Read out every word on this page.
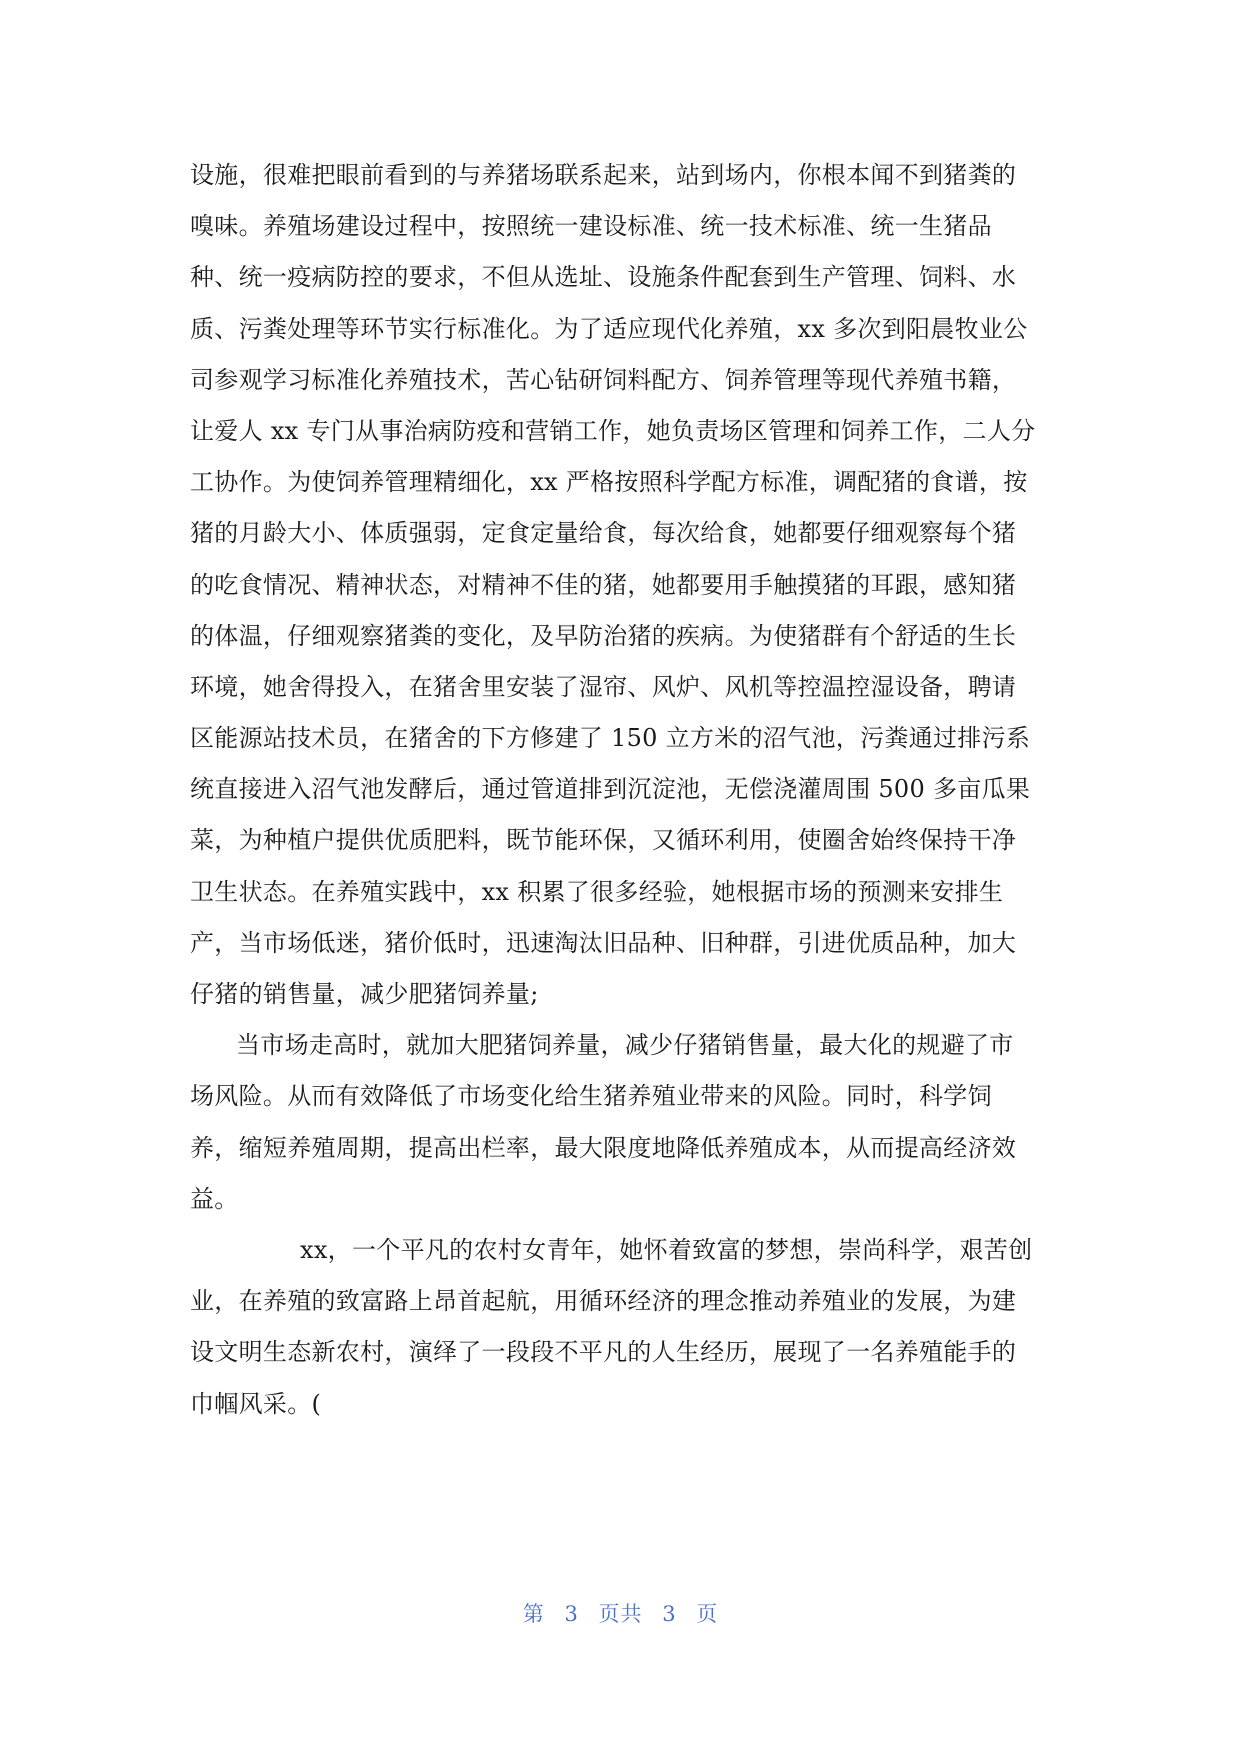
设施，很难把眼前看到的与养猪场联系起来，站到场内，你根本闻不到猪粪的
嗅味。养殖场建设过程中，按照统一建设标准、统一技术标准、统一生猪品
种、统一疫病防控的要求，不但从选址、设施条件配套到生产管理、饲料、水
质、污粪处理等环节实行标准化。为了适应现代化养殖，xx 多次到阳晨牧业公
司参观学习标准化养殖技术，苦心钻研饲料配方、饲养管理等现代养殖书籍，
让爱人 xx 专门从事治病防疫和营销工作，她负责场区管理和饲养工作，二人分
工协作。为使饲养管理精细化，xx 严格按照科学配方标准，调配猪的食谱，按
猪的月龄大小、体质强弱，定食定量给食，每次给食，她都要仔细观察每个猪
的吃食情况、精神状态，对精神不佳的猪，她都要用手触摸猪的耳跟，感知猪
的体温，仔细观察猪粪的变化，及早防治猪的疾病。为使猪群有个舒适的生长
环境，她舍得投入，在猪舍里安装了湿帘、风炉、风机等控温控湿设备，聘请
区能源站技术员，在猪舍的下方修建了 150 立方米的沼气池，污粪通过排污系
统直接进入沼气池发酵后，通过管道排到沉淀池，无偿浇灌周围 500 多亩瓜果
菜，为种植户提供优质肥料，既节能环保，又循环利用，使圈舍始终保持干净
卫生状态。在养殖实践中，xx 积累了很多经验，她根据市场的预测来安排生
产，当市场低迷，猪价低时，迅速淘汰旧品种、旧种群，引进优质品种，加大
仔猪的销售量，减少肥猪饲养量;
当市场走高时，就加大肥猪饲养量，减少仔猪销售量，最大化的规避了市
场风险。从而有效降低了市场变化给生猪养殖业带来的风险。同时，科学饲
养，缩短养殖周期，提高出栏率，最大限度地降低养殖成本，从而提高经济效
益。
xx，一个平凡的农村女青年，她怀着致富的梦想，崇尚科学，艰苦创
业，在养殖的致富路上昂首起航，用循环经济的理念推动养殖业的发展，为建
设文明生态新农村，演绎了一段段不平凡的人生经历，展现了一名养殖能手的
巾帼风采。(
第 3 页共 3 页
